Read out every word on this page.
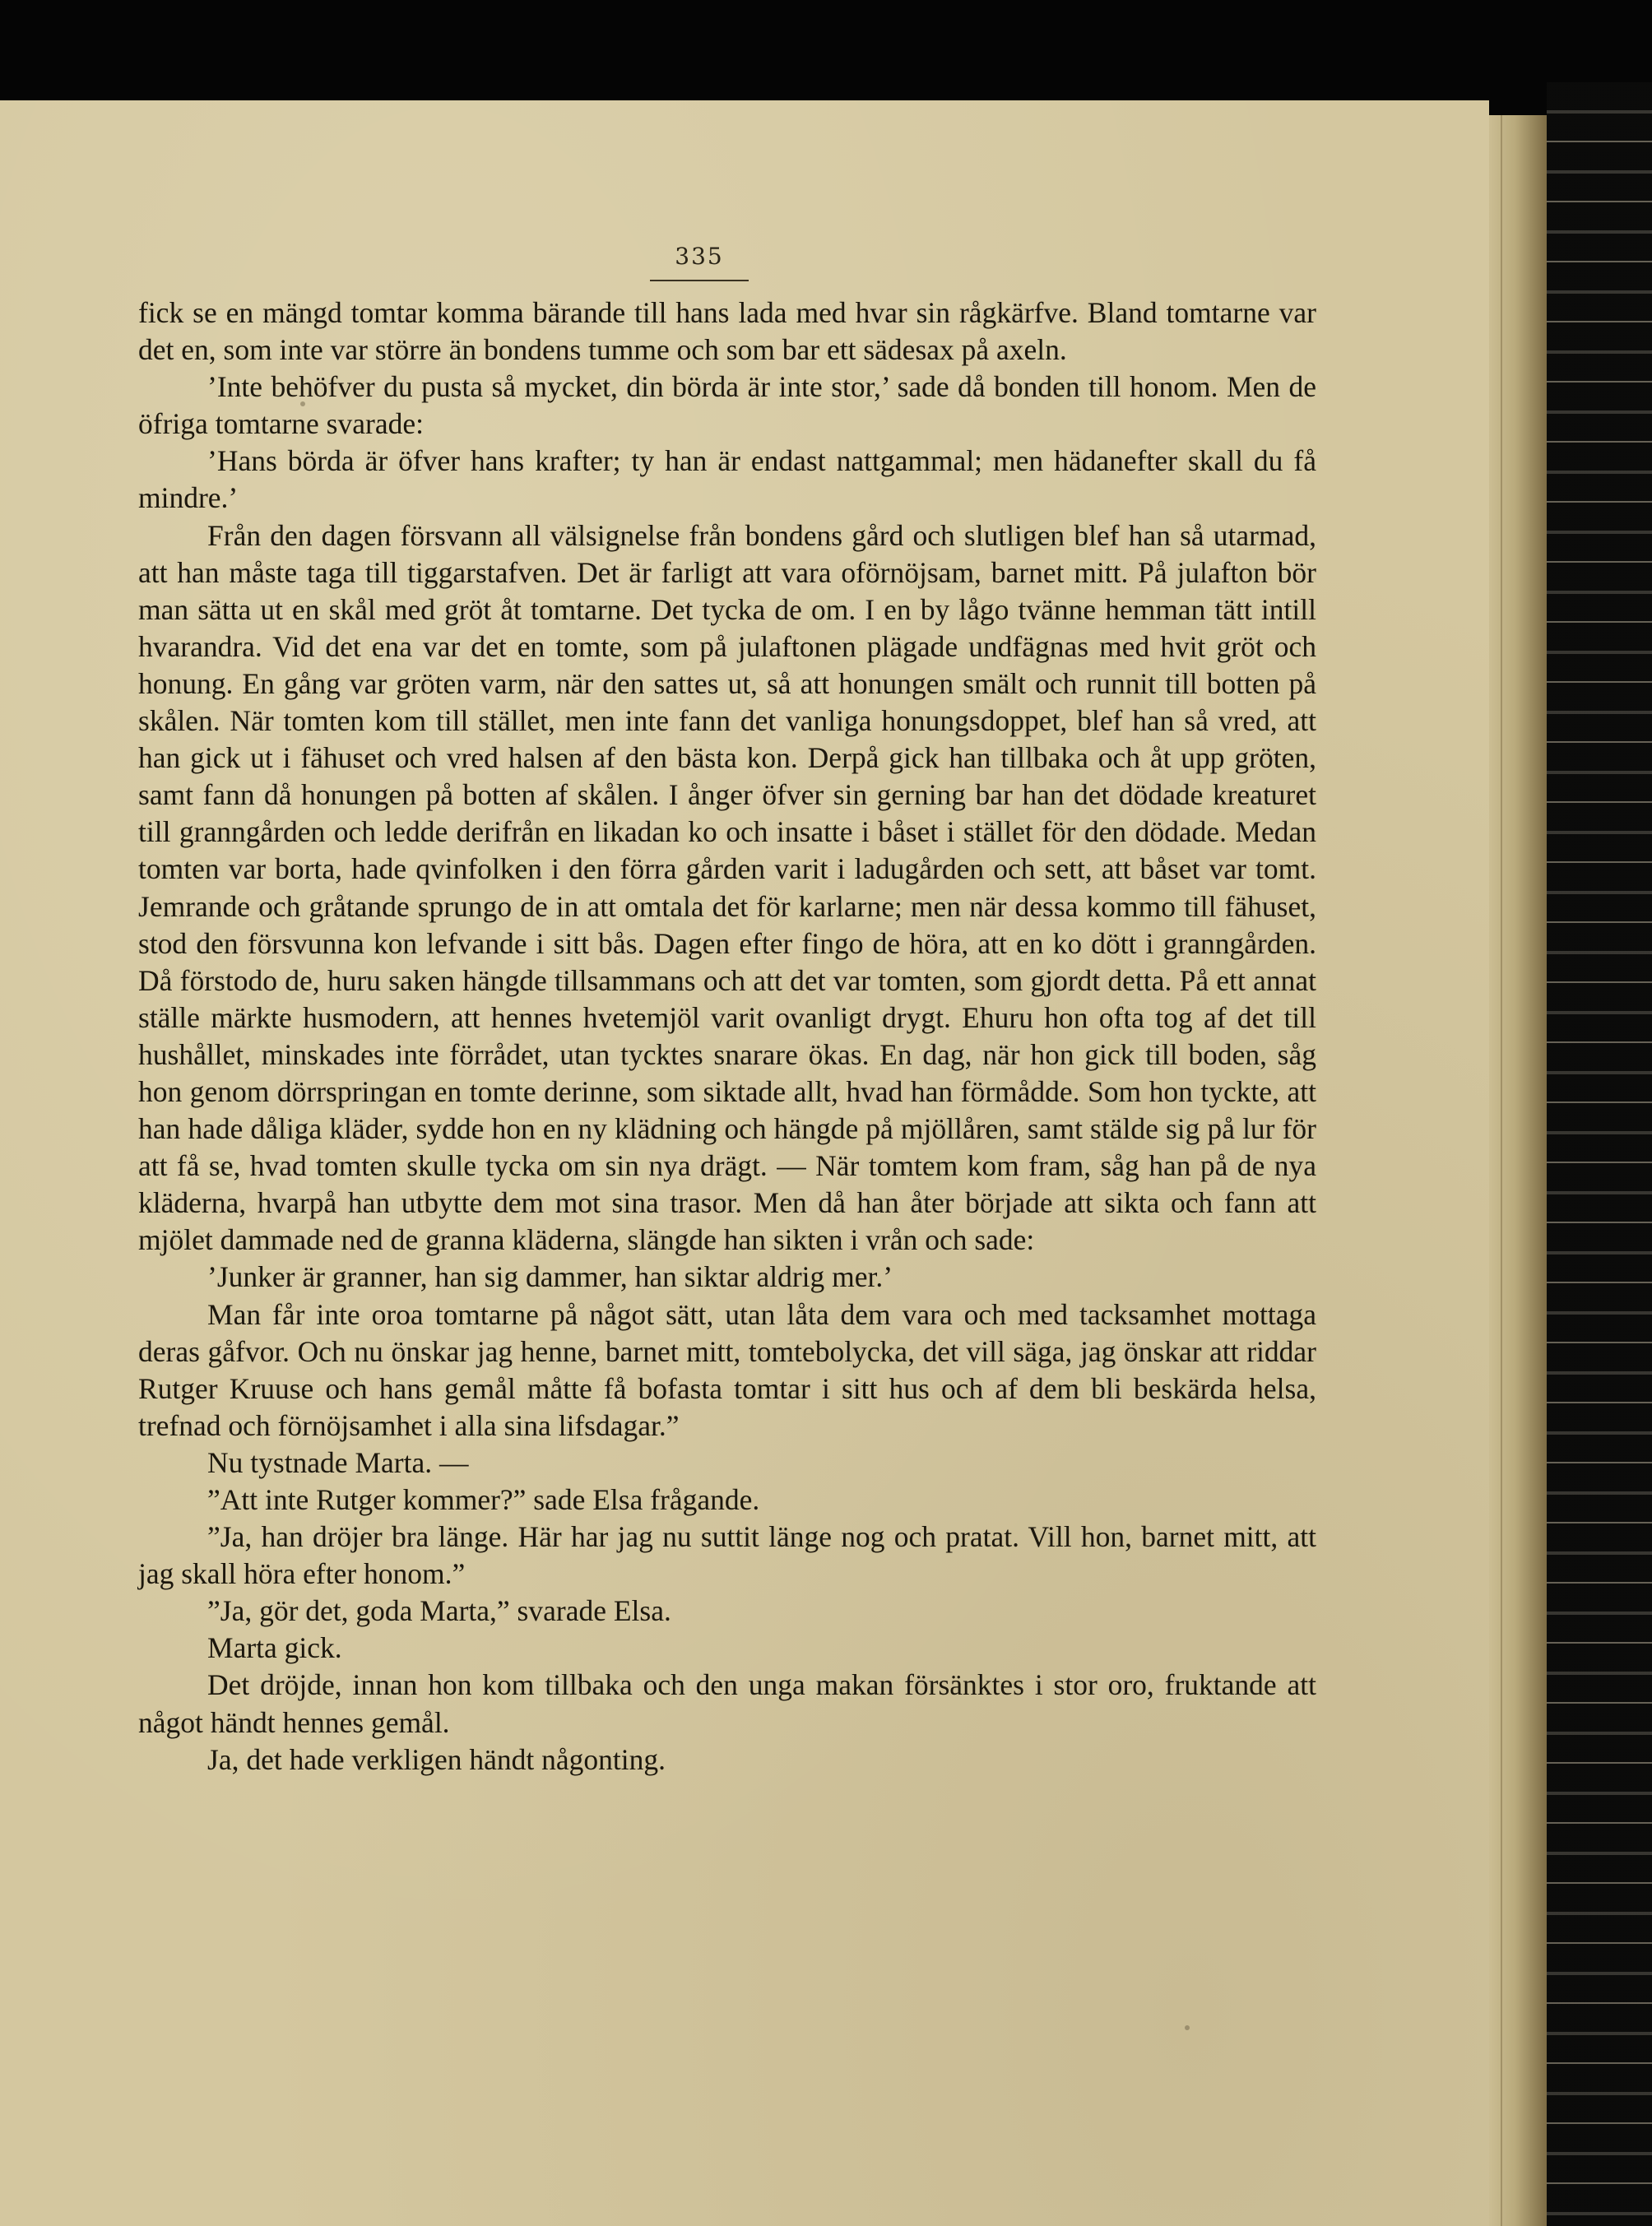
335

fick se en mängd tomtar komma bärande till hans lada med hvar sin rågkärfve. Bland tomtarne var det en, som inte var större än bondens tumme och som bar ett sädesax på axeln.

’Inte behöfver du pusta så mycket, din börda är inte stor,’ sade då bonden till honom. Men de öfriga tomtarne svarade:

’Hans börda är öfver hans krafter; ty han är endast nattgammal; men hädanefter skall du få mindre.’

Från den dagen försvann all välsignelse från bondens gård och slutligen blef han så utarmad, att han måste taga till tiggarstafven. Det är farligt att vara oförnöjsam, barnet mitt. På julafton bör man sätta ut en skål med gröt åt tomtarne. Det tycka de om. I en by lågo tvänne hemman tätt intill hvarandra. Vid det ena var det en tomte, som på julaftonen plägade undfägnas med hvit gröt och honung. En gång var gröten varm, när den sattes ut, så att honungen smält och runnit till botten på skålen. När tomten kom till stället, men inte fann det vanliga honungsdoppet, blef han så vred, att han gick ut i fähuset och vred halsen af den bästa kon. Derpå gick han tillbaka och åt upp gröten, samt fann då honungen på botten af skålen. I ånger öfver sin gerning bar han det dödade kreaturet till granngården och ledde derifrån en likadan ko och insatte i båset i stället för den dödade. Medan tomten var borta, hade qvinfolken i den förra gården varit i ladugården och sett, att båset var tomt. Jemrande och gråtande sprungo de in att omtala det för karlarne; men när dessa kommo till fähuset, stod den försvunna kon lefvande i sitt bås. Dagen efter fingo de höra, att en ko dött i granngården. Då förstodo de, huru saken hängde tillsammans och att det var tomten, som gjordt detta. På ett annat ställe märkte husmodern, att hennes hvetemjöl varit ovanligt drygt. Ehuru hon ofta tog af det till hushållet, minskades inte förrådet, utan tycktes snarare ökas. En dag, när hon gick till boden, såg hon genom dörrspringan en tomte derinne, som siktade allt, hvad han förmådde. Som hon tyckte, att han hade dåliga kläder, sydde hon en ny klädning och hängde på mjöllåren, samt stälde sig på lur för att få se, hvad tomten skulle tycka om sin nya drägt. — När tomtem kom fram, såg han på de nya kläderna, hvarpå han utbytte dem mot sina trasor. Men då han åter började att sikta och fann att mjölet dammade ned de granna kläderna, slängde han sikten i vrån och sade:

’Junker är granner, han sig dammer, han siktar aldrig mer.’

Man får inte oroa tomtarne på något sätt, utan låta dem vara och med tacksamhet mottaga deras gåfvor. Och nu önskar jag henne, barnet mitt, tomtebolycka, det vill säga, jag önskar att riddar Rutger Kruuse och hans gemål måtte få bofasta tomtar i sitt hus och af dem bli beskärda helsa, trefnad och förnöjsamhet i alla sina lifsdagar.”

Nu tystnade Marta. —

”Att inte Rutger kommer?” sade Elsa frågande.

”Ja, han dröjer bra länge. Här har jag nu suttit länge nog och pratat. Vill hon, barnet mitt, att jag skall höra efter honom.”

”Ja, gör det, goda Marta,” svarade Elsa.

Marta gick.

Det dröjde, innan hon kom tillbaka och den unga makan försänktes i stor oro, fruktande att något händt hennes gemål.

Ja, det hade verkligen händt någonting.
